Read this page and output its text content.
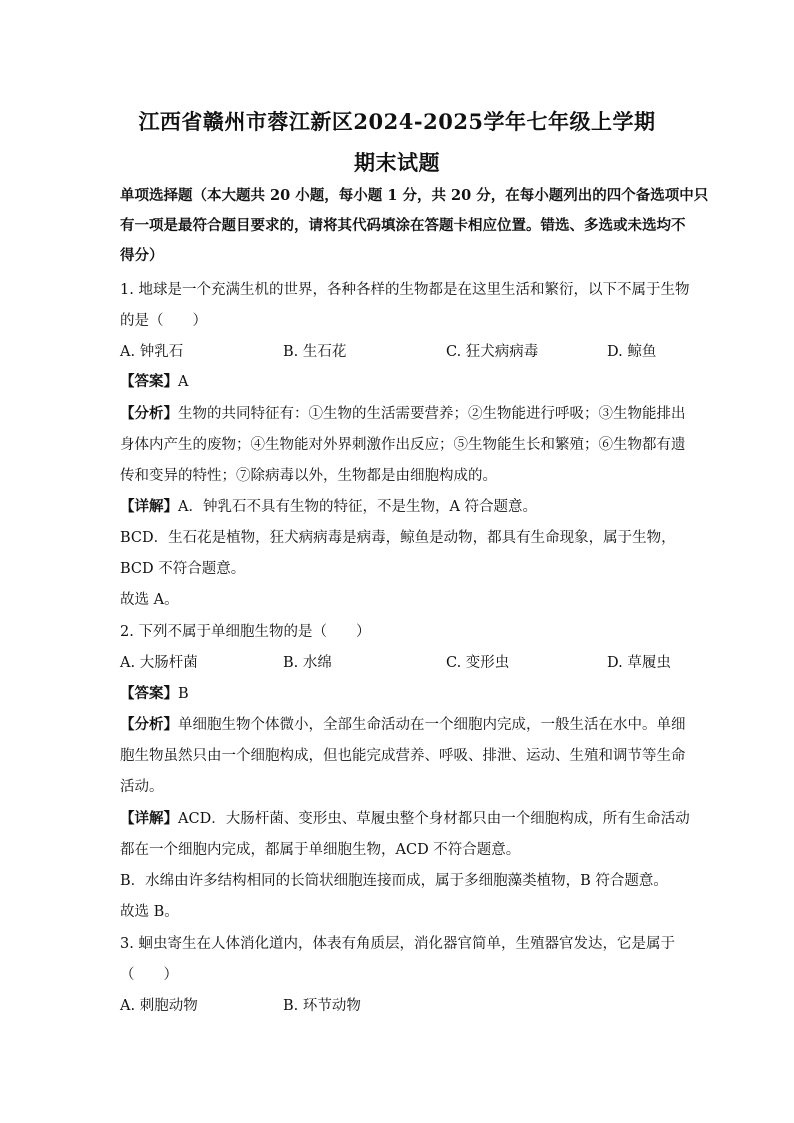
江西省赣州市蓉江新区2024-2025学年七年级上学期
期末试题
单项选择题（本大题共 20 小题，每小题 1 分，共 20 分，在每小题列出的四个备选项中只
有一项是最符合题目要求的，请将其代码填涂在答题卡相应位置。错选、多选或未选均不
得分）
1. 地球是一个充满生机的世界，各种各样的生物都是在这里生活和繁衍，以下不属于生物
的是（　　）
A. 钟乳石	B. 生石花	C. 狂犬病病毒	D. 鲸鱼
【答案】A
【分析】生物的共同特征有：①生物的生活需要营养；②生物能进行呼吸；③生物能排出
身体内产生的废物；④生物能对外界刺激作出反应；⑤生物能生长和繁殖；⑥生物都有遗
传和变异的特性；⑦除病毒以外，生物都是由细胞构成的。
【详解】A．钟乳石不具有生物的特征，不是生物，A 符合题意。
BCD．生石花是植物，狂犬病病毒是病毒，鲸鱼是动物，都具有生命现象，属于生物，
BCD 不符合题意。
故选 A。
2. 下列不属于单细胞生物的是（　　）
A. 大肠杆菌	B. 水绵	C. 变形虫	D. 草履虫
【答案】B
【分析】单细胞生物个体微小，全部生命活动在一个细胞内完成，一般生活在水中。单细
胞生物虽然只由一个细胞构成，但也能完成营养、呼吸、排泄、运动、生殖和调节等生命
活动。
【详解】ACD．大肠杆菌、变形虫、草履虫整个身材都只由一个细胞构成，所有生命活动
都在一个细胞内完成，都属于单细胞生物，ACD 不符合题意。
B．水绵由许多结构相同的长筒状细胞连接而成，属于多细胞藻类植物，B 符合题意。
故选 B。
3. 蛔虫寄生在人体消化道内，体表有角质层，消化器官简单，生殖器官发达，它是属于
（　　）
A. 刺胞动物	B. 环节动物
